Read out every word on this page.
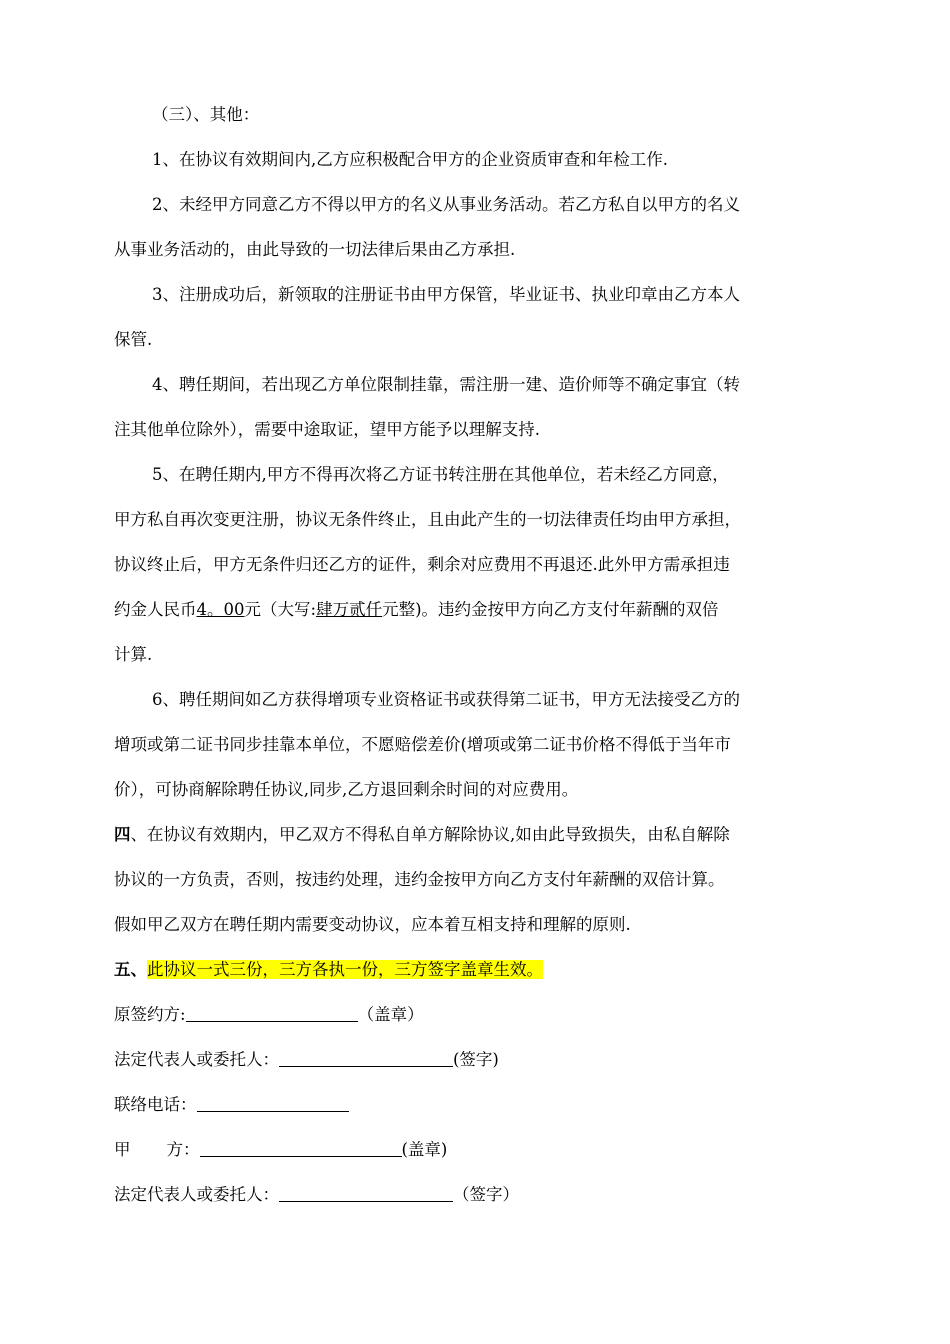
（三）、其他：
1、在协议有效期间内,乙方应积极配合甲方的企业资质审查和年检工作.
2、未经甲方同意乙方不得以甲方的名义从事业务活动。若乙方私自以甲方的名义
从事业务活动的，由此导致的一切法律后果由乙方承担.
3、注册成功后，新领取的注册证书由甲方保管，毕业证书、执业印章由乙方本人
保管.
4、聘任期间，若出现乙方单位限制挂靠，需注册一建、造价师等不确定事宜（转
注其他单位除外），需要中途取证，望甲方能予以理解支持.
5、在聘任期内,甲方不得再次将乙方证书转注册在其他单位，若未经乙方同意，
甲方私自再次变更注册，协议无条件终止，且由此产生的一切法律责任均由甲方承担，
协议终止后，甲方无条件归还乙方的证件，剩余对应费用不再退还.此外甲方需承担违
约金人民币4。00元（大写:肆万贰仟元整)。违约金按甲方向乙方支付年薪酬的双倍
计算.
6、聘任期间如乙方获得增项专业资格证书或获得第二证书，甲方无法接受乙方的
增项或第二证书同步挂靠本单位，不愿赔偿差价(增项或第二证书价格不得低于当年市
价），可协商解除聘任协议,同步,乙方退回剩余时间的对应费用。
四、在协议有效期内，甲乙双方不得私自单方解除协议,如由此导致损失，由私自解除
协议的一方负责，否则，按违约处理，违约金按甲方向乙方支付年薪酬的双倍计算。
假如甲乙双方在聘任期内需要变动协议，应本着互相支持和理解的原则.
五、此协议一式三份，三方各执一份，三方签字盖章生效。
原签约方:	（盖章）
法定代表人或委托人：	(签字)
联络电话：
甲 方：	(盖章)
法定代表人或委托人：	（签字）
